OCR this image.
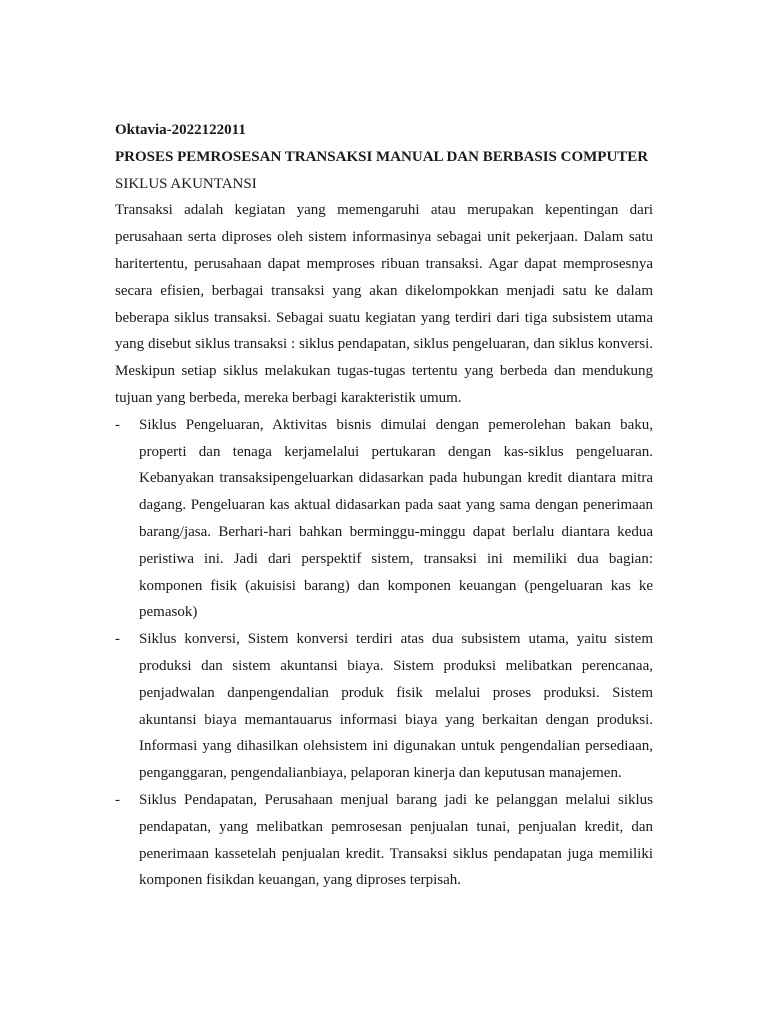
Oktavia-2022122011

PROSES PEMROSESAN TRANSAKSI MANUAL DAN BERBASIS COMPUTER

SIKLUS AKUNTANSI

Transaksi adalah kegiatan yang memengaruhi atau merupakan kepentingan dari perusahaan serta diproses oleh sistem informasinya sebagai unit pekerjaan. Dalam satu haritertentu, perusahaan dapat memproses ribuan transaksi. Agar dapat memprosesnya secara efisien, berbagai transaksi yang akan dikelompokkan menjadi satu ke dalam beberapa siklus transaksi. Sebagai suatu kegiatan yang terdiri dari tiga subsistem utama yang disebut siklus transaksi : siklus pendapatan, siklus pengeluaran, dan siklus konversi. Meskipun setiap siklus melakukan tugas-tugas tertentu yang berbeda dan mendukung tujuan yang berbeda, mereka berbagi karakteristik umum.

- Siklus Pengeluaran, Aktivitas bisnis dimulai dengan pemerolehan bakan baku, properti dan tenaga kerjamelalui pertukaran dengan kas-siklus pengeluaran. Kebanyakan transaksipengeluarkan didasarkan pada hubungan kredit diantara mitra dagang. Pengeluaran kas aktual didasarkan pada saat yang sama dengan penerimaan barang/jasa. Berhari-hari bahkan berminggu-minggu dapat berlalu diantara kedua peristiwa ini. Jadi dari perspektif sistem, transaksi ini memiliki dua bagian: komponen fisik (akuisisi barang) dan komponen keuangan (pengeluaran kas ke pemasok)
- Siklus konversi, Sistem konversi terdiri atas dua subsistem utama, yaitu sistem produksi dan sistem akuntansi biaya. Sistem produksi melibatkan perencanaa, penjadwalan danpengendalian produk fisik melalui proses produksi. Sistem akuntansi biaya memantauarus informasi biaya yang berkaitan dengan produksi. Informasi yang dihasilkan olehsistem ini digunakan untuk pengendalian persediaan, penganggaran, pengendalianbiaya, pelaporan kinerja dan keputusan manajemen.
- Siklus Pendapatan, Perusahaan menjual barang jadi ke pelanggan melalui siklus pendapatan, yang melibatkan pemrosesan penjualan tunai, penjualan kredit, dan penerimaan kassetelah penjualan kredit. Transaksi siklus pendapatan juga memiliki komponen fisikdan keuangan, yang diproses terpisah.
